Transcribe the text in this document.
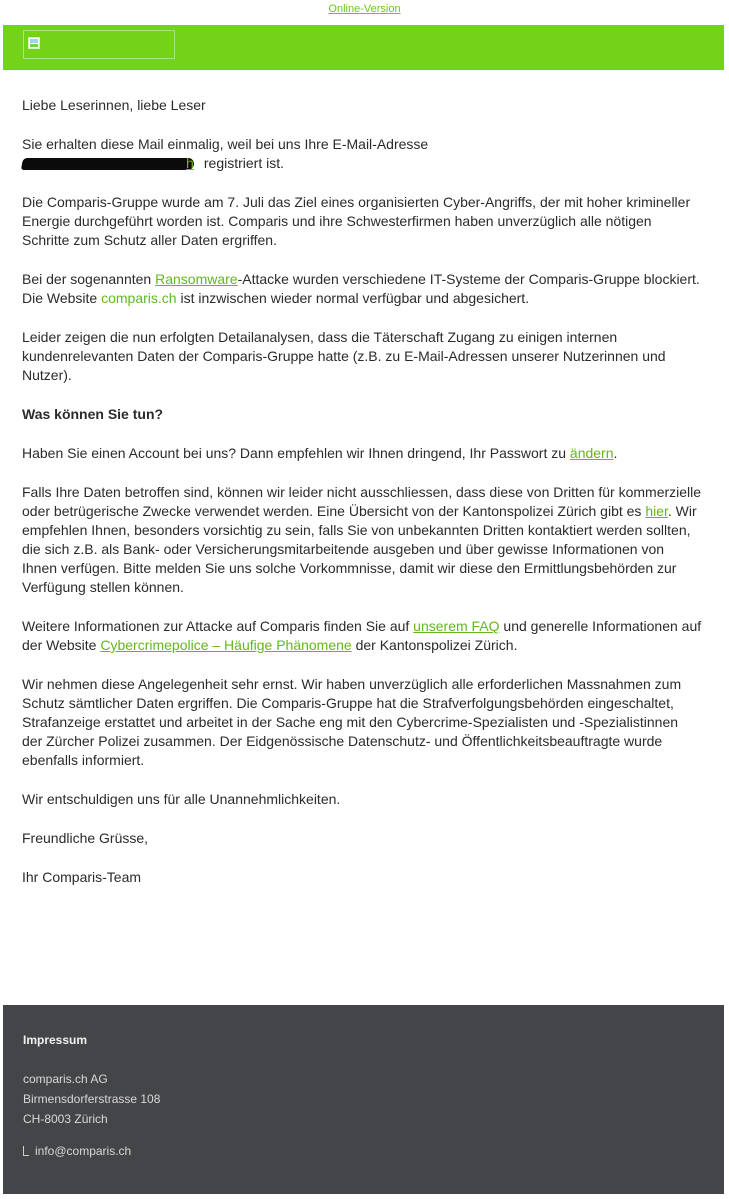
Online-Version

Liebe Leserinnen, liebe Leser

Sie erhalten diese Mail einmalig, weil bei uns Ihre E-Mail-Adresse

h registriert ist.

Die Comparis-Gruppe wurde am 7. Juli das Ziel eines organisierten Cyber-Angriffs, der mit hoher krimineller Energie durchgeführt worden ist. Comparis und ihre Schwesterfirmen haben unverzüglich alle nötigen Schritte zum Schutz aller Daten ergriffen.

Bei der sogenannten Ransomware-Attacke wurden verschiedene IT-Systeme der Comparis-Gruppe blockiert. Die Website comparis.ch ist inzwischen wieder normal verfügbar und abgesichert.

Leider zeigen die nun erfolgten Detailanalysen, dass die Täterschaft Zugang zu einigen internen kundenrelevanten Daten der Comparis-Gruppe hatte (z.B. zu E-Mail-Adressen unserer Nutzerinnen und Nutzer).

Was können Sie tun?

Haben Sie einen Account bei uns? Dann empfehlen wir Ihnen dringend, Ihr Passwort zu ändern.

Falls Ihre Daten betroffen sind, können wir leider nicht ausschliessen, dass diese von Dritten für kommerzielle oder betrügerische Zwecke verwendet werden. Eine Übersicht von der Kantonspolizei Zürich gibt es hier. Wir empfehlen Ihnen, besonders vorsichtig zu sein, falls Sie von unbekannten Dritten kontaktiert werden sollten, die sich z.B. als Bank- oder Versicherungsmitarbeitende ausgeben und über gewisse Informationen von Ihnen verfügen. Bitte melden Sie uns solche Vorkommnisse, damit wir diese den Ermittlungsbehörden zur Verfügung stellen können.

Weitere Informationen zur Attacke auf Comparis finden Sie auf unserem FAQ und generelle Informationen auf der Website Cybercrimepolice – Häufige Phänomene der Kantonspolizei Zürich.

Wir nehmen diese Angelegenheit sehr ernst. Wir haben unverzüglich alle erforderlichen Massnahmen zum Schutz sämtlicher Daten ergriffen. Die Comparis-Gruppe hat die Strafverfolgungsbehörden eingeschaltet, Strafanzeige erstattet und arbeitet in der Sache eng mit den Cybercrime-Spezialisten und -Spezialistinnen der Zürcher Polizei zusammen. Der Eidgenössische Datenschutz- und Öffentlichkeitsbeauftragte wurde ebenfalls informiert.

Wir entschuldigen uns für alle Unannehmlichkeiten.

Freundliche Grüsse,

Ihr Comparis-Team

Impressum
comparis.ch AG
Birmensdorferstrasse 108
CH-8003 Zürich
info@comparis.ch
